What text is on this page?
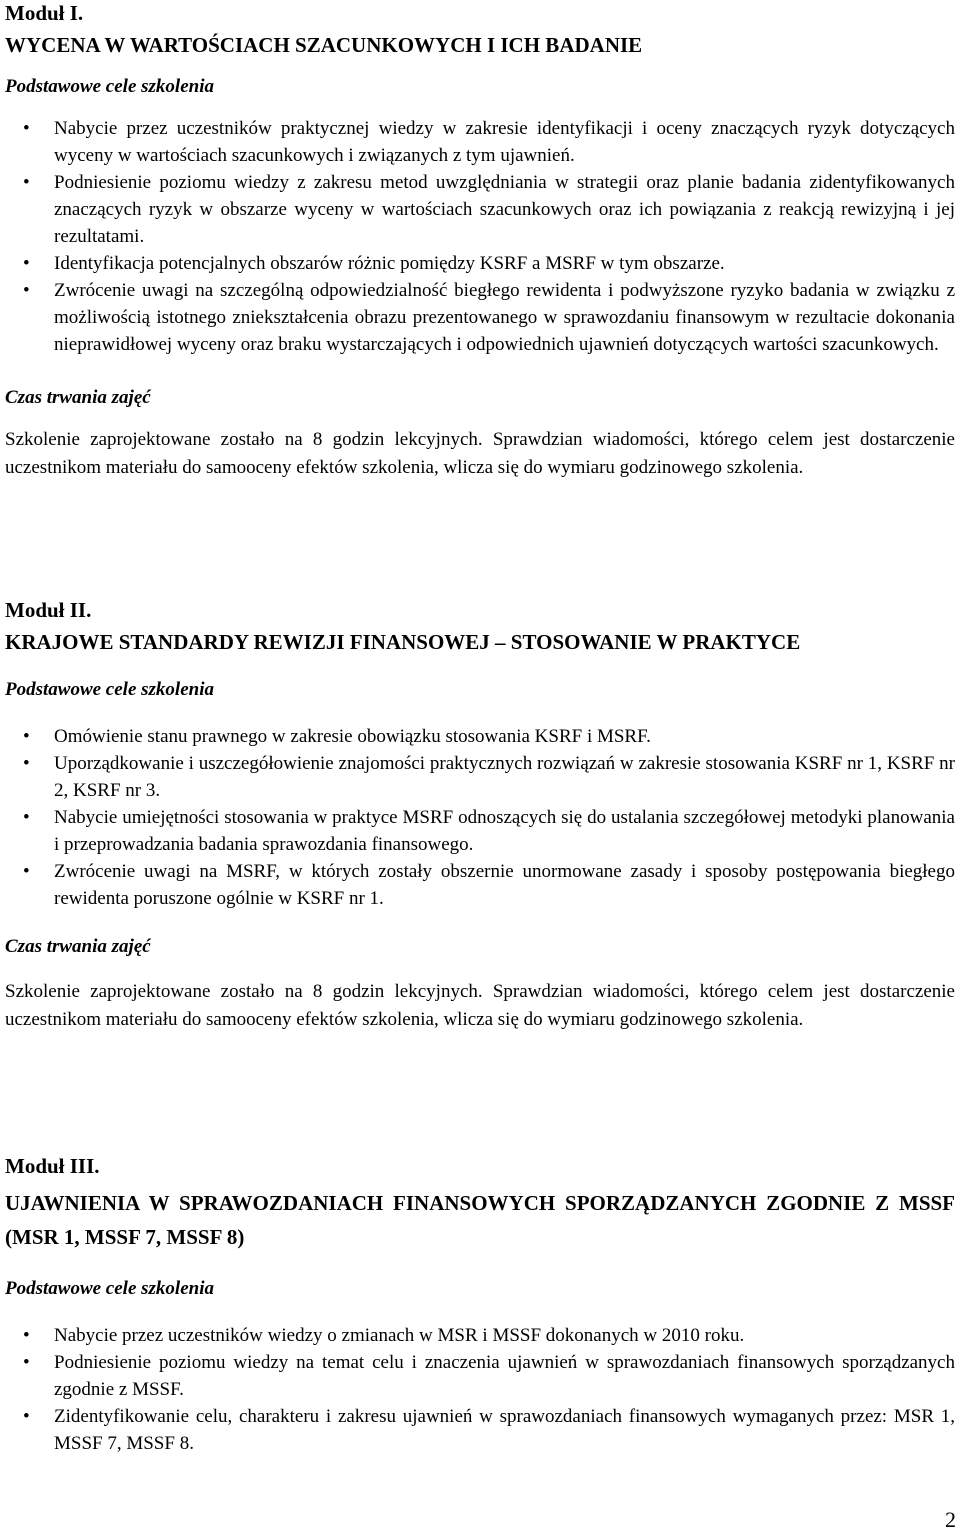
Moduł I.
WYCENA W WARTOŚCIACH SZACUNKOWYCH I ICH BADANIE
Podstawowe cele szkolenia
• Nabycie przez uczestników praktycznej wiedzy w zakresie identyfikacji i oceny znaczących ryzyk dotyczących wyceny w wartościach szacunkowych i związanych z tym ujawnień.
• Podniesienie poziomu wiedzy z zakresu metod uwzględniania w strategii oraz planie badania zidentyfikowanych znaczących ryzyk w obszarze wyceny w wartościach szacunkowych oraz ich powiązania z reakcją rewizyjną i jej rezultatami.
• Identyfikacja potencjalnych obszarów różnic pomiędzy KSRF a MSRF w tym obszarze.
• Zwrócenie uwagi na szczególną odpowiedzialność biegłego rewidenta i podwyższone ryzyko badania w związku z możliwością istotnego zniekształcenia obrazu prezentowanego w sprawozdaniu finansowym w rezultacie dokonania nieprawidłowej wyceny oraz braku wystarczających i odpowiednich ujawnień dotyczących wartości szacunkowych.
Czas trwania zajęć

Szkolenie zaprojektowane zostało na 8 godzin lekcyjnych. Sprawdzian wiadomości, którego celem jest dostarczenie uczestnikom materiału do samooceny efektów szkolenia, wlicza się do wymiaru godzinowego szkolenia.

Moduł II.
KRAJOWE STANDARDY REWIZJI FINANSOWEJ – STOSOWANIE W PRAKTYCE
Podstawowe cele szkolenia
• Omówienie stanu prawnego w zakresie obowiązku stosowania KSRF i MSRF.
• Uporządkowanie i uszczegółowienie znajomości praktycznych rozwiązań w zakresie stosowania KSRF nr 1, KSRF nr 2, KSRF nr 3.
• Nabycie umiejętności stosowania w praktyce MSRF odnoszących się do ustalania szczegółowej metodyki planowania i przeprowadzania badania sprawozdania finansowego.
• Zwrócenie uwagi na MSRF, w których zostały obszernie unormowane zasady i sposoby postępowania biegłego rewidenta poruszone ogólnie w KSRF nr 1.
Czas trwania zajęć

Szkolenie zaprojektowane zostało na 8 godzin lekcyjnych. Sprawdzian wiadomości, którego celem jest dostarczenie uczestnikom materiału do samooceny efektów szkolenia, wlicza się do wymiaru godzinowego szkolenia.

Moduł III.
UJAWNIENIA W SPRAWOZDANIACH FINANSOWYCH SPORZĄDZANYCH ZGODNIE Z MSSF (MSR 1, MSSF 7, MSSF 8)
Podstawowe cele szkolenia
• Nabycie przez uczestników wiedzy o zmianach w MSR i MSSF dokonanych w 2010 roku.
• Podniesienie poziomu wiedzy na temat celu i znaczenia ujawnień w sprawozdaniach finansowych sporządzanych zgodnie z MSSF.
• Zidentyfikowanie celu, charakteru i zakresu ujawnień w sprawozdaniach finansowych wymaganych przez: MSR 1, MSSF 7, MSSF 8.
2
